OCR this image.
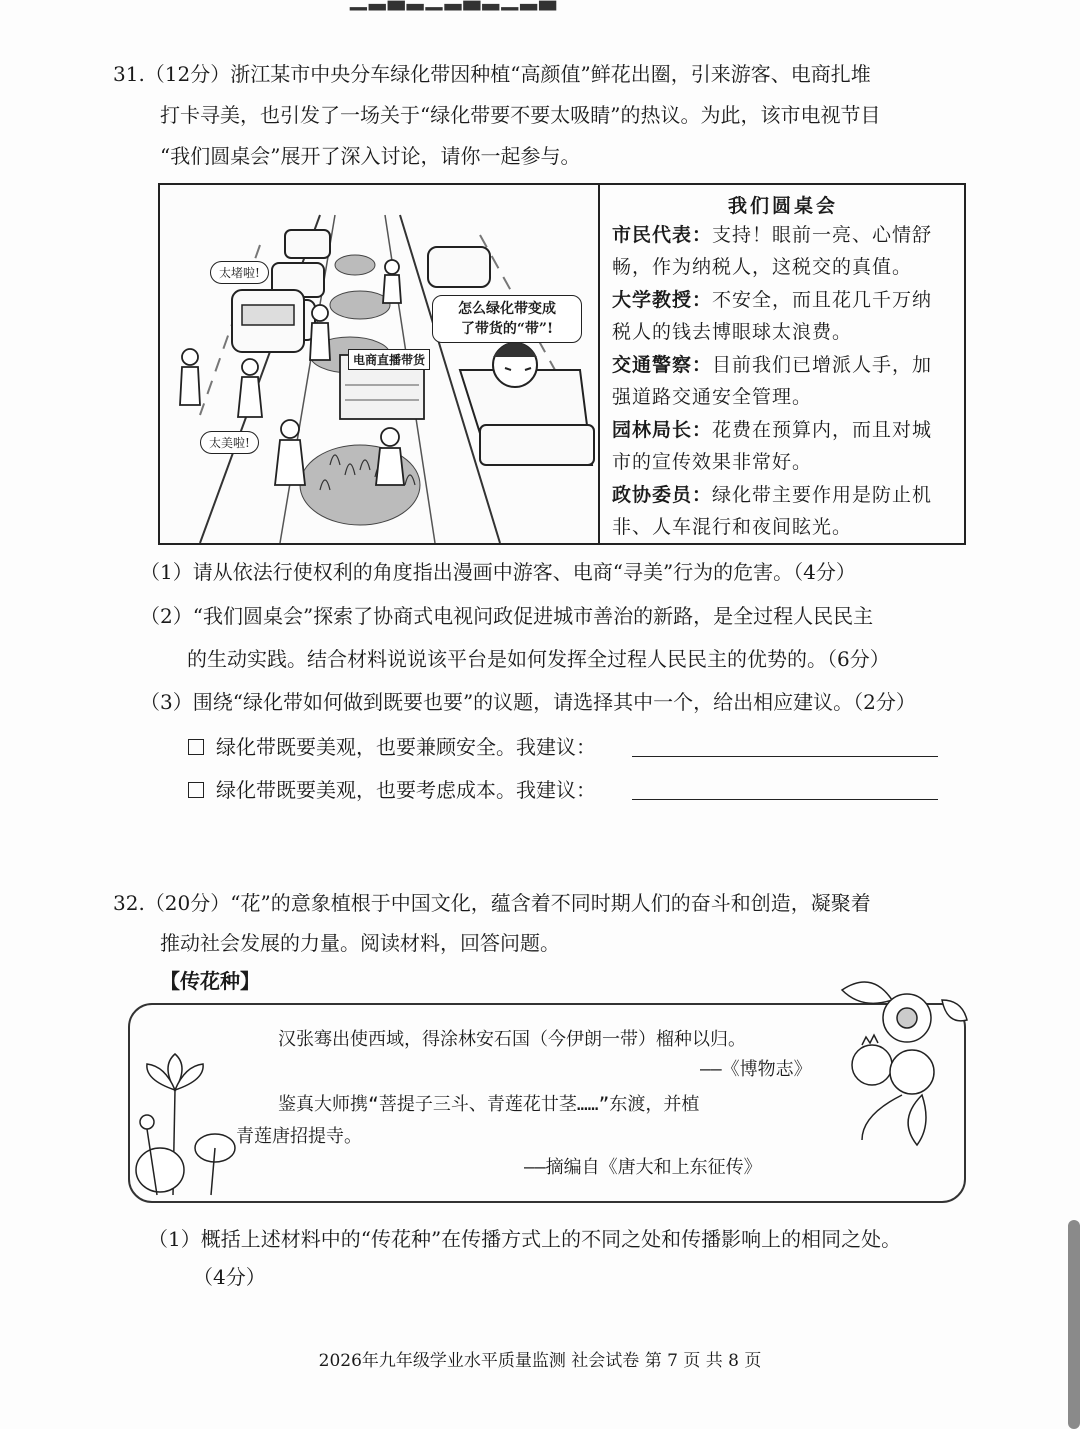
31.（12分）浙江某市中央分车绿化带因种植“高颜值”鲜花出圈，引来游客、电商扎堆
打卡寻美，也引发了一场关于“绿化带要不要太吸睛”的热议。为此，该市电视节目
“我们圆桌会”展开了深入讨论，请你一起参与。
太堵啦!
太美啦!
怎么绿化带变成
了带货的“带”!
电商直播带货
我们圆桌会
市民代表：支持！眼前一亮、心情舒
畅，作为纳税人，这税交的真值。
大学教授：不安全，而且花几千万纳
税人的钱去博眼球太浪费。
交通警察：目前我们已增派人手，加
强道路交通安全管理。
园林局长：花费在预算内，而且对城
市的宣传效果非常好。
政协委员：绿化带主要作用是防止机
非、人车混行和夜间眩光。
（1）请从依法行使权利的角度指出漫画中游客、电商“寻美”行为的危害。（4分）
（2）“我们圆桌会”探索了协商式电视问政促进城市善治的新路，是全过程人民民主
的生动实践。结合材料说说该平台是如何发挥全过程人民民主的优势的。（6分）
（3）围绕“绿化带如何做到既要也要”的议题，请选择其中一个，给出相应建议。（2分）
绿化带既要美观，也要兼顾安全。我建议：
绿化带既要美观，也要考虑成本。我建议：
32.（20分）“花”的意象植根于中国文化，蕴含着不同时期人们的奋斗和创造，凝聚着
推动社会发展的力量。阅读材料，回答问题。
【传花种】
汉张骞出使西域，得涂林安石国（今伊朗一带）榴种以归。
——《博物志》
鉴真大师携“菩提子三斗、青莲花廿茎……”东渡，并植
青莲唐招提寺。
——摘编自《唐大和上东征传》
（1）概括上述材料中的“传花种”在传播方式上的不同之处和传播影响上的相同之处。
（4分）
2026年九年级学业水平质量监测 社会试卷 第 7 页 共 8 页
